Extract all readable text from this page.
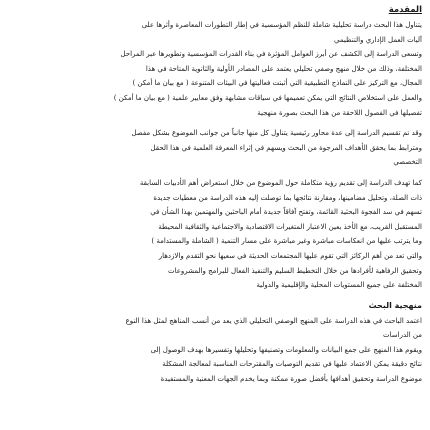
المقدمة
يتناول هذا البحث دراسة تحليلية شاملة للنظم المؤسسية في إطار التطورات المعاصرة وأثرها على
آليات العمل الإداري والتنظيمي
وتسعى الدراسة إلى الكشف عن أبرز العوامل المؤثرة في بناء القدرات المؤسسية وتطويرها عبر المراحل
المختلفة، وذلك من خلال منهج وصفي تحليلي يعتمد على المصادر الأولية والثانوية المتاحة في هذا
المجال، مع التركيز على النماذج التطبيقية التي أثبتت فعاليتها في البيئات المتنوعة ( مع بيان ما أمكن )
والعمل على استخلاص النتائج التي يمكن تعميمها في سياقات مشابهة وفق معايير علمية ( مع بيان ما أمكن )
تفصيلها في الفصول اللاحقة من هذا البحث بصورة منهجية
وقد تم تقسيم الدراسة إلى عدة محاور رئيسية يتناول كل منها جانباً من جوانب الموضوع بشكل مفصل
ومترابط بما يحقق الأهداف المرجوة من البحث ويسهم في إثراء المعرفة العلمية في هذا الحقل
التخصصي
كما تهدف الدراسة إلى تقديم رؤية متكاملة حول الموضوع من خلال استعراض أهم الأدبيات السابقة
ذات الصلة، وتحليل مضامينها، ومقارنة نتائجها بما توصلت إليه هذه الدراسة من معطيات جديدة
تسهم في سد الفجوة البحثية القائمة، وتفتح آفاقاً جديدة أمام الباحثين والمهتمين بهذا الشأن في
المستقبل القريب، مع الأخذ بعين الاعتبار المتغيرات الاقتصادية والاجتماعية والثقافية المحيطة
وما يترتب عليها من انعكاسات مباشرة وغير مباشرة على مسار التنمية ( الشاملة والمستدامة )
والتي تعد من أهم الركائز التي تقوم عليها المجتمعات الحديثة في سعيها نحو التقدم والازدهار
وتحقيق الرفاهية لأفرادها من خلال التخطيط السليم والتنفيذ الفعال للبرامج والمشروعات
المختلفة على جميع المستويات المحلية والإقليمية والدولية
منهجية البحث
اعتمد الباحث في هذه الدراسة على المنهج الوصفي التحليلي الذي يعد من أنسب المناهج لمثل هذا النوع
من الدراسات
ويقوم هذا المنهج على جمع البيانات والمعلومات وتصنيفها وتحليلها وتفسيرها بهدف الوصول إلى
نتائج دقيقة يمكن الاعتماد عليها في تقديم التوصيات والمقترحات المناسبة لمعالجة المشكلة
موضوع الدراسة وتحقيق أهدافها بأفضل صورة ممكنة وبما يخدم الجهات المعنية والمستفيدة
